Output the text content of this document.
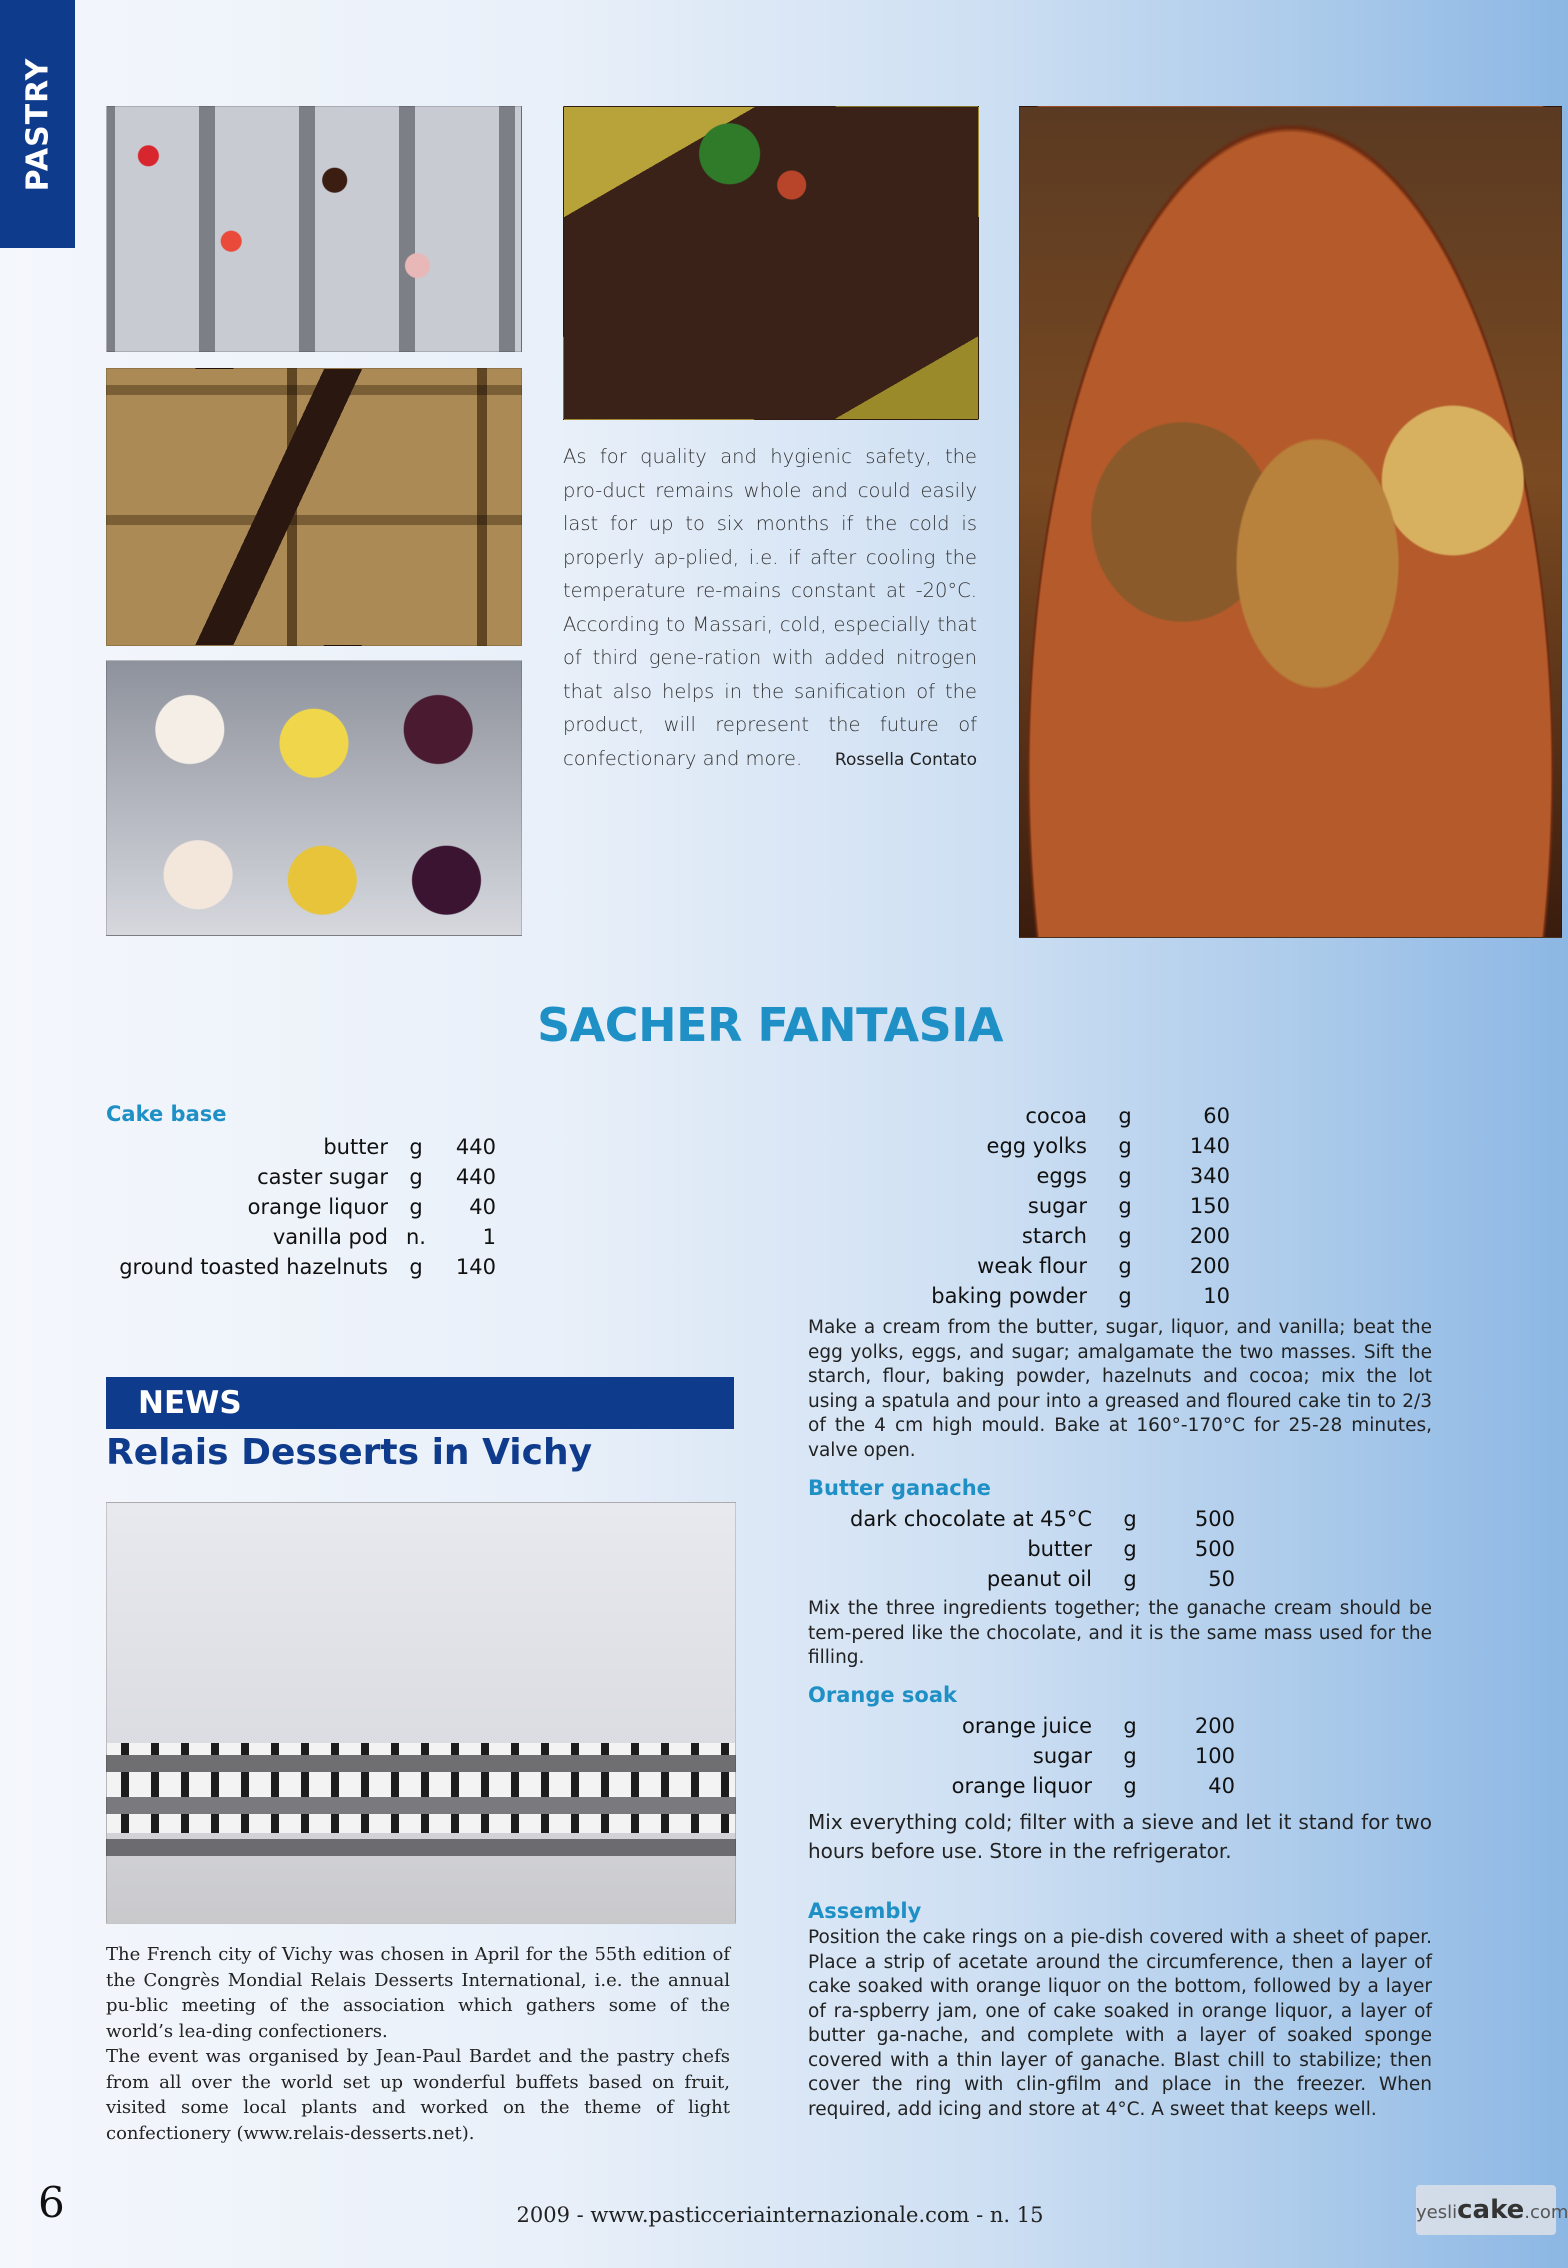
PASTRY
As for quality and hygienic safety, the pro-duct remains whole and could easily last for up to six months if the cold is properly ap-plied, i.e. if after cooling the temperature re-mains constant at -20°C. According to Massari, cold, especially that of third gene-ration with added nitrogen that also helps in the sanification of the product, will represent the future of confectionary and more.	Rossella Contato
SACHER FANTASIA
Cake base
butter	g	440
caster sugar	g	440
orange liquor	g	40
vanilla pod	n.	1
ground toasted hazelnuts	g	140
cocoa	g	60
egg yolks	g	140
eggs	g	340
sugar	g	150
starch	g	200
weak flour	g	200
baking powder	g	10
Make a cream from the butter, sugar, liquor, and vanilla; beat the egg yolks, eggs, and sugar; amalgamate the two masses. Sift the starch, flour, baking powder, hazelnuts and cocoa; mix the lot using a spatula and pour into a greased and floured cake tin to 2/3 of the 4 cm high mould. Bake at 160°-170°C for 25-28 minutes, valve open.
Butter ganache
dark chocolate at 45°C	g	500
butter	g	500
peanut oil	g	50
Mix the three ingredients together; the ganache cream should be tem-pered like the chocolate, and it is the same mass used for the filling.
Orange soak
orange juice	g	200
sugar	g	100
orange liquor	g	40
Mix everything cold; filter with a sieve and let it stand for two hours before use. Store in the refrigerator.
Assembly
Position the cake rings on a pie-dish covered with a sheet of paper. Place a strip of acetate around the circumference, then a layer of cake soaked with orange liquor on the bottom, followed by a layer of ra-spberry jam, one of cake soaked in orange liquor, a layer of butter ga-nache, and complete with a layer of soaked sponge covered with a thin layer of ganache. Blast chill to stabilize; then cover the ring with clin-gfilm and place in the freezer. When required, add icing and store at 4°C. A sweet that keeps well.
NEWS
Relais Desserts in Vichy

The French city of Vichy was chosen in April for the 55th edition of the Congrès Mondial Relais Desserts International, i.e. the annual pu-blic meeting of the association which gathers some of the world’s lea-ding confectioners.

The event was organised by Jean-Paul Bardet and the pastry chefs from all over the world set up wonderful buffets based on fruit, visited some local plants and worked on the theme of light confectionery (www.relais-desserts.net).

6	2009 - www.pasticceriainternazionale.com - n. 15	yeslicake.com
